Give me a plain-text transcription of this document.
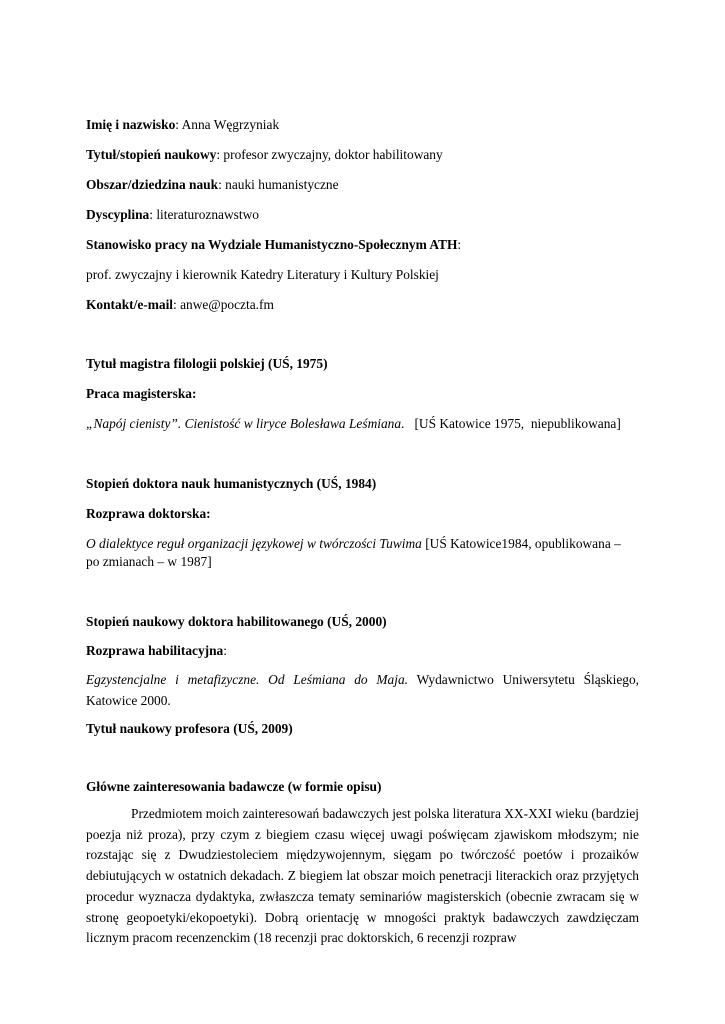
Imię i nazwisko: Anna Węgrzyniak
Tytuł/stopień naukowy: profesor zwyczajny, doktor habilitowany
Obszar/dziedzina nauk: nauki humanistyczne
Dyscyplina: literaturoznawstwo
Stanowisko pracy na Wydziale Humanistyczno-Społecznym ATH:
prof. zwyczajny i kierownik Katedry Literatury i Kultury Polskiej
Kontakt/e-mail: anwe@poczta.fm
Tytuł magistra filologii polskiej (UŚ, 1975)
Praca magisterska:
„Napój cienisty”. Cienistość w liryce Bolesława Leśmiana.   [UŚ Katowice 1975,  niepublikowana]
Stopień doktora nauk humanistycznych (UŚ, 1984)
Rozprawa doktorska:
O dialektyce reguł organizacji językowej w twórczości Tuwima [UŚ Katowice1984, opublikowana –
po zmianach – w 1987]
Stopień naukowy doktora habilitowanego (UŚ, 2000)
Rozprawa habilitacyjna:
Egzystencjalne i metafizyczne. Od Leśmiana do Maja. Wydawnictwo Uniwersytetu Śląskiego, Katowice 2000.
Tytuł naukowy profesora (UŚ, 2009)
Główne zainteresowania badawcze (w formie opisu)
Przedmiotem moich zainteresowań badawczych jest polska literatura XX-XXI wieku (bardziej poezja niż proza), przy czym z biegiem czasu więcej uwagi poświęcam zjawiskom młodszym; nie rozstając się z Dwudziestoleciem międzywojennym, sięgam po twórczość poetów i prozaików debiutujących w ostatnich dekadach. Z biegiem lat obszar moich penetracji literackich oraz przyjętych procedur wyznacza dydaktyka, zwłaszcza tematy seminariów magisterskich (obecnie zwracam się w stronę geopoetyki/ekopoetyki). Dobrą orientację w mnogości praktyk badawczych zawdzięczam licznym pracom recenzenckim (18 recenzji prac doktorskich, 6 recenzji rozpraw
